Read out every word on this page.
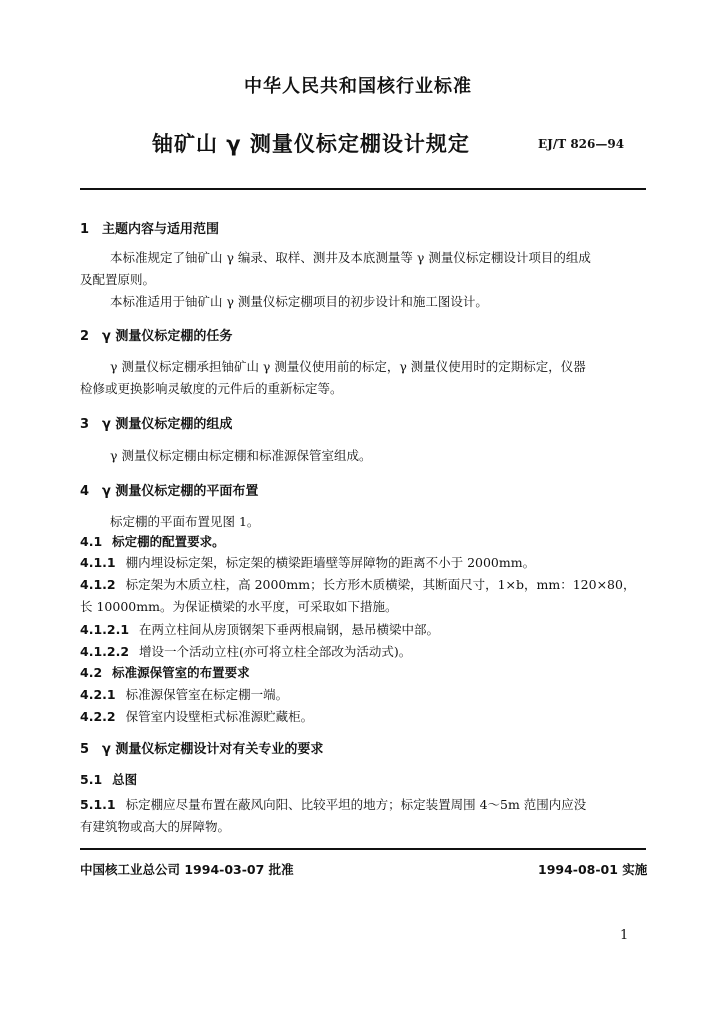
中华人民共和国核行业标准
铀矿山 γ 测量仪标定棚设计规定	EJ/T 826—94
1　主题内容与适用范围
本标准规定了铀矿山 γ 编录、取样、测井及本底测量等 γ 测量仪标定棚设计项目的组成
及配置原则。
本标准适用于铀矿山 γ 测量仪标定棚项目的初步设计和施工图设计。
2　γ 测量仪标定棚的任务
γ 测量仪标定棚承担铀矿山 γ 测量仪使用前的标定，γ 测量仪使用时的定期标定，仪器
检修或更换影响灵敏度的元件后的重新标定等。
3　γ 测量仪标定棚的组成
γ 测量仪标定棚由标定棚和标准源保管室组成。
4　γ 测量仪标定棚的平面布置
标定棚的平面布置见图 1。
4.1 标定棚的配置要求。
4.1.1 棚内埋设标定架，标定架的横梁距墙壁等屏障物的距离不小于 2000mm。
4.1.2 标定架为木质立柱，高 2000mm；长方形木质横梁，其断面尺寸，1×b，mm：120×80，
长 10000mm。为保证横梁的水平度，可采取如下措施。
4.1.2.1 在两立柱间从房顶钢架下垂两根扁钢，悬吊横梁中部。
4.1.2.2 增设一个活动立柱(亦可将立柱全部改为活动式)。
4.2 标准源保管室的布置要求
4.2.1 标准源保管室在标定棚一端。
4.2.2 保管室内设壁柜式标准源贮藏柜。
5　γ 测量仪标定棚设计对有关专业的要求
5.1 总图
5.1.1 标定棚应尽量布置在蔽风向阳、比较平坦的地方；标定装置周围 4～5m 范围内应没
有建筑物或高大的屏障物。
中国核工业总公司 1994-03-07 批准	1994-08-01 实施
1
